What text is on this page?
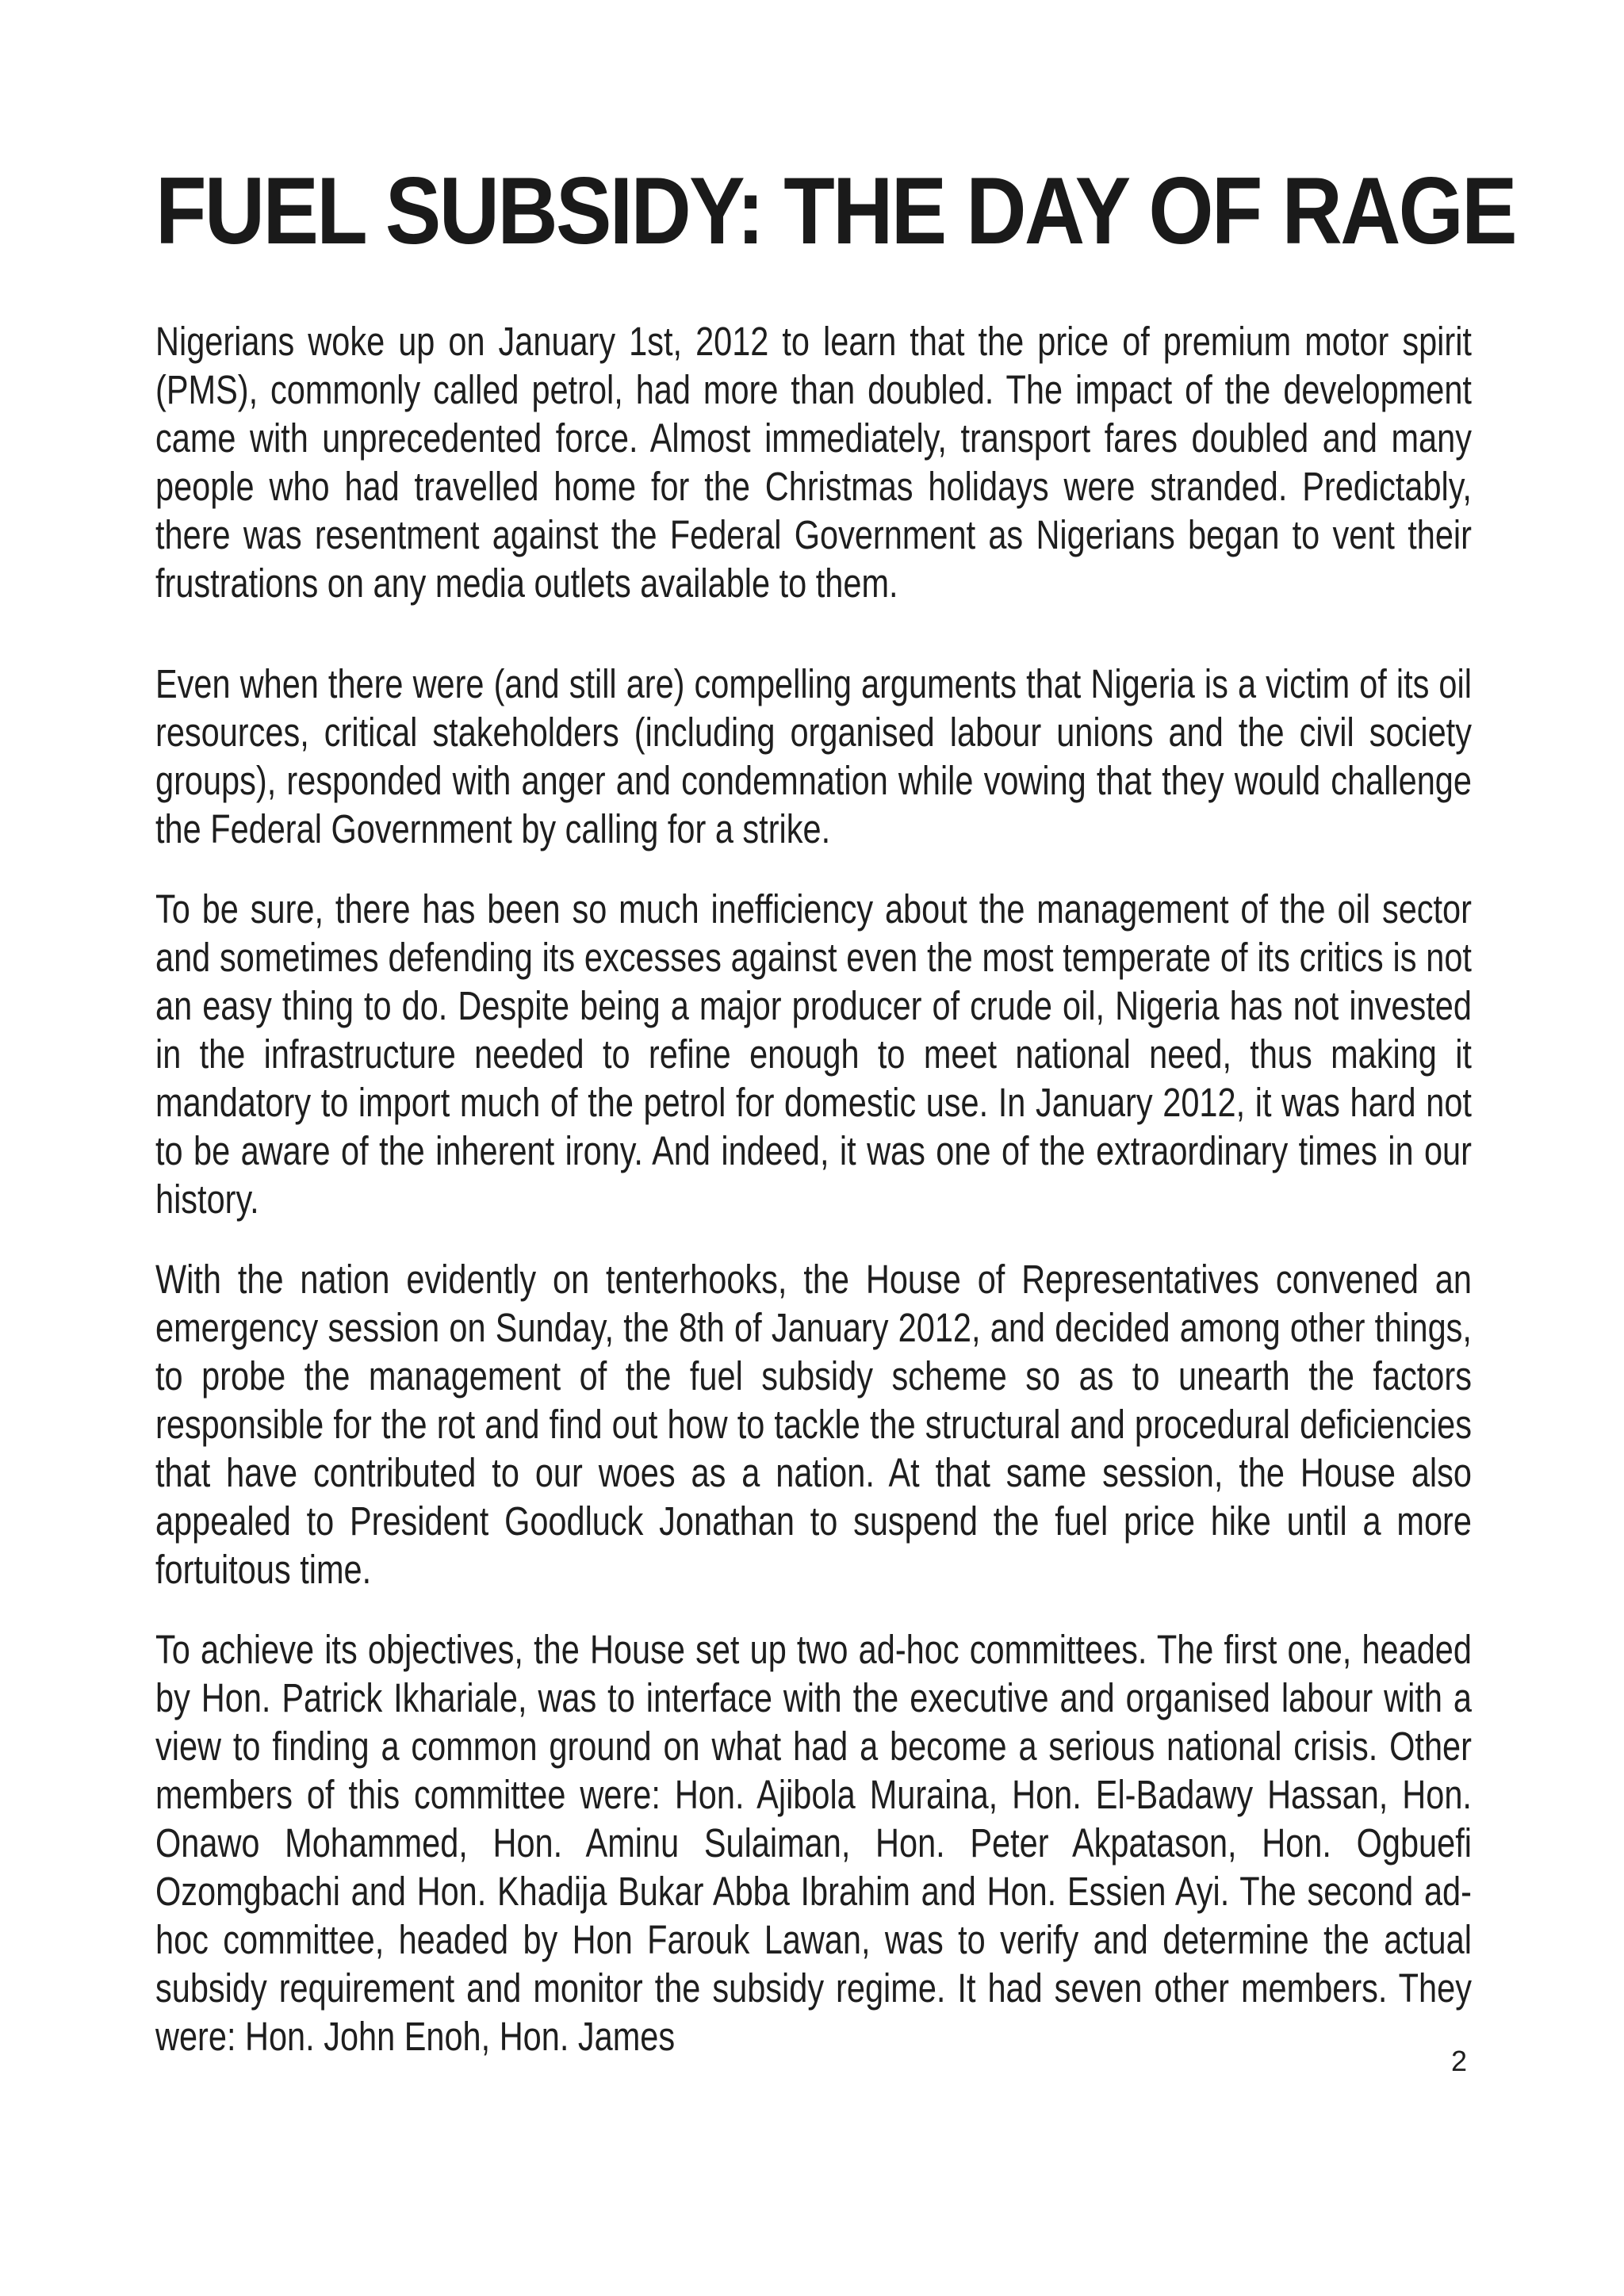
FUEL SUBSIDY: THE DAY OF RAGE

Nigerians woke up on January 1st, 2012 to learn that the price of premium motor spirit (PMS), commonly called petrol, had more than doubled. The impact of the development came with unprecedented force. Almost immediately, transport fares doubled and many people who had travelled home for the Christmas holidays were stranded. Predictably, there was resentment against the Federal Government as Nigerians began to vent their frustrations on any media outlets available to them.

Even when there were (and still are) compelling arguments that Nigeria is a victim of its oil resources, critical stakeholders (including organised labour unions and the civil society groups), responded with anger and condemnation while vowing that they would challenge the Federal Government by calling for a strike.

To be sure, there has been so much inefficiency about the management of the oil sector and sometimes defending its excesses against even the most temperate of its critics is not an easy thing to do. Despite being a major producer of crude oil, Nigeria has not invested in the infrastructure needed to refine enough to meet national need, thus making it mandatory to import much of the petrol for domestic use. In January 2012, it was hard not to be aware of the inherent irony. And indeed, it was one of the extraordinary times in our history.

With the nation evidently on tenterhooks, the House of Representatives convened an emergency session on Sunday, the 8th of January 2012, and decided among other things, to probe the management of the fuel subsidy scheme so as to unearth the factors responsible for the rot and find out how to tackle the structural and procedural deficiencies that have contributed to our woes as a nation. At that same session, the House also appealed to President Goodluck Jonathan to suspend the fuel price hike until a more fortuitous time.

To achieve its objectives, the House set up two ad-hoc committees. The first one, headed by Hon. Patrick Ikhariale, was to interface with the executive and organised labour with a view to finding a common ground on what had a become a serious national crisis. Other members of this committee were: Hon. Ajibola Muraina, Hon. El-Badawy Hassan, Hon. Onawo Mohammed, Hon. Aminu Sulaiman, Hon. Peter Akpatason, Hon. Ogbuefi Ozomgbachi and Hon. Khadija Bukar Abba Ibrahim and Hon. Essien Ayi. The second ad-hoc committee, headed by Hon Farouk Lawan, was to verify and determine the actual subsidy requirement and monitor the subsidy regime. It had seven other members. They were: Hon. John Enoh, Hon. James

2
